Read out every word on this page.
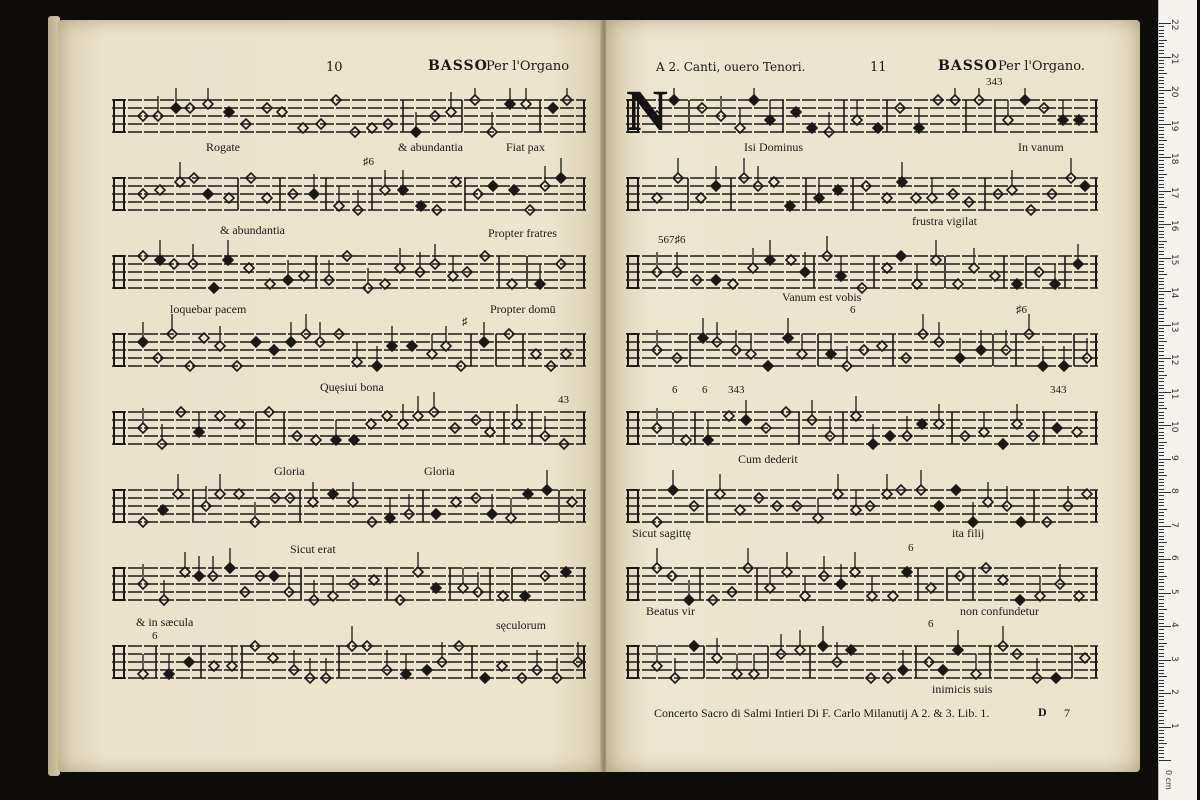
10	BASSO
Per l'Organo
Rogate	& abundantia	Fiat pax
♯6
& abundantia	Propter fratres
loquebar pacem	Propter domū
♯
Quęsiui bona
43
Gloria	Gloria
Sicut erat
& in sæcula	sęculorum
6
A 2. Canti, ouero Tenori.	11	BASSO Per l'Organo.
N
Isi Dominus	In vanum
343
frustra vigilat
567♯6
Vanum est vobis
6	♯6
6 6 343	343
Cum dederit
Sicut sagittę	ita filij
6
Beatus vir	non confundetur
6
inimicis suis
Concerto Sacro di Salmi Intieri Di F. Carlo Milanutij A 2. & 3. Lib. 1.	D 7
0 cm
1
2
3
4
5
6
7
8
9
10
11
12
13
14
15
16
17
18
19
20
21
22
